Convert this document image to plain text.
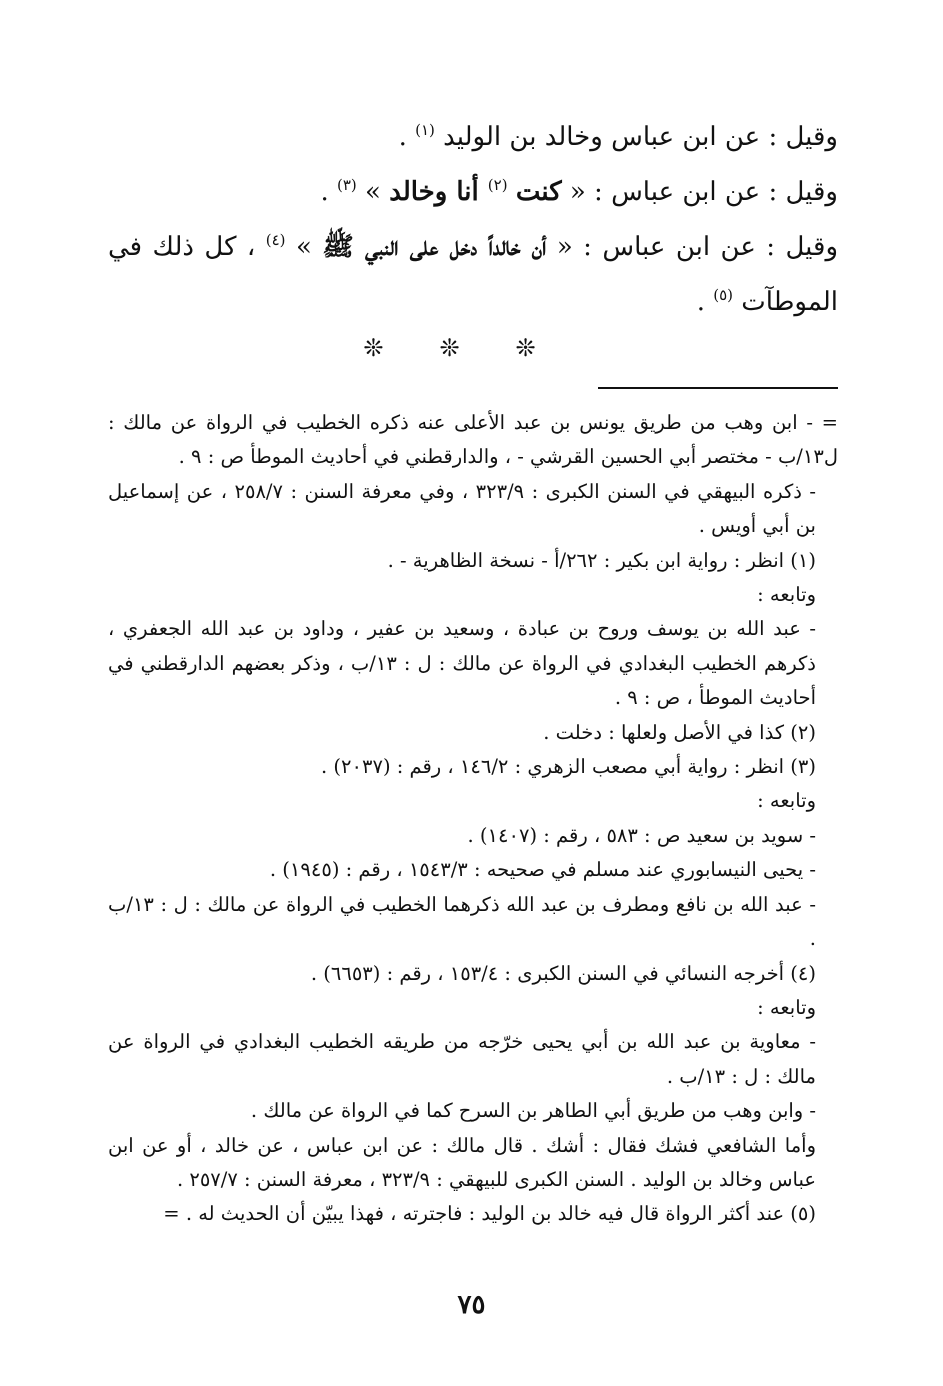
وقيل : عن ابن عباس وخالد بن الوليد $^{(١)}$ .

وقيل : عن ابن عباس : « كنت $^{(٢)}$ أنا وخالد » $^{(٣)}$ .

وقيل : عن ابن عباس : « أن خالداً دخل على النبي ﷺ » $^{(٤)}$ ، كل ذلك في الموطآت $^{(٥)}$ .

❊ ❊ ❊

= - ابن وهب من طريق يونس بن عبد الأعلى عنه ذكره الخطيب في الرواة عن مالك : ل١٣/ب - مختصر أبي الحسين القرشي - ، والدارقطني في أحاديث الموطأ ص : ٩ .

- ذكره البيهقي في السنن الكبرى : ٣٢٣/٩ ، وفي معرفة السنن : ٢٥٨/٧ ، عن إسماعيل بن أبي أويس .

(١) انظر : رواية ابن بكير : ٢٦٢/أ - نسخة الظاهرية - .

وتابعه :

- عبد الله بن يوسف وروح بن عبادة ، وسعيد بن عفير ، وداود بن عبد الله الجعفري ، ذكرهم الخطيب البغدادي في الرواة عن مالك : ل : ١٣/ب ، وذكر بعضهم الدارقطني في أحاديث الموطأ ، ص : ٩ .

(٢) كذا في الأصل ولعلها : دخلت .

(٣) انظر : رواية أبي مصعب الزهري : ١٤٦/٢ ، رقم : (٢٠٣٧) .

وتابعه :

- سويد بن سعيد ص : ٥٨٣ ، رقم : (١٤٠٧) .

- يحيى النيسابوري عند مسلم في صحيحه : ١٥٤٣/٣ ، رقم : (١٩٤٥) .

- عبد الله بن نافع ومطرف بن عبد الله ذكرهما الخطيب في الرواة عن مالك : ل : ١٣/ب .

(٤) أخرجه النسائي في السنن الكبرى : ١٥٣/٤ ، رقم : (٦٦٥٣) .

وتابعه :

- معاوية بن عبد الله بن أبي يحيى خرّجه من طريقه الخطيب البغدادي في الرواة عن مالك : ل : ١٣/ب .

- وابن وهب من طريق أبي الطاهر بن السرح كما في الرواة عن مالك .

وأما الشافعي فشك فقال : أشك . قال مالك : عن ابن عباس ، عن خالد ، أو عن ابن عباس وخالد بن الوليد . السنن الكبرى للبيهقي : ٣٢٣/٩ ، معرفة السنن : ٢٥٧/٧ .

(٥) عند أكثر الرواة قال فيه خالد بن الوليد : فاجترته ، فهذا يبيّن أن الحديث له . =

٧٥
